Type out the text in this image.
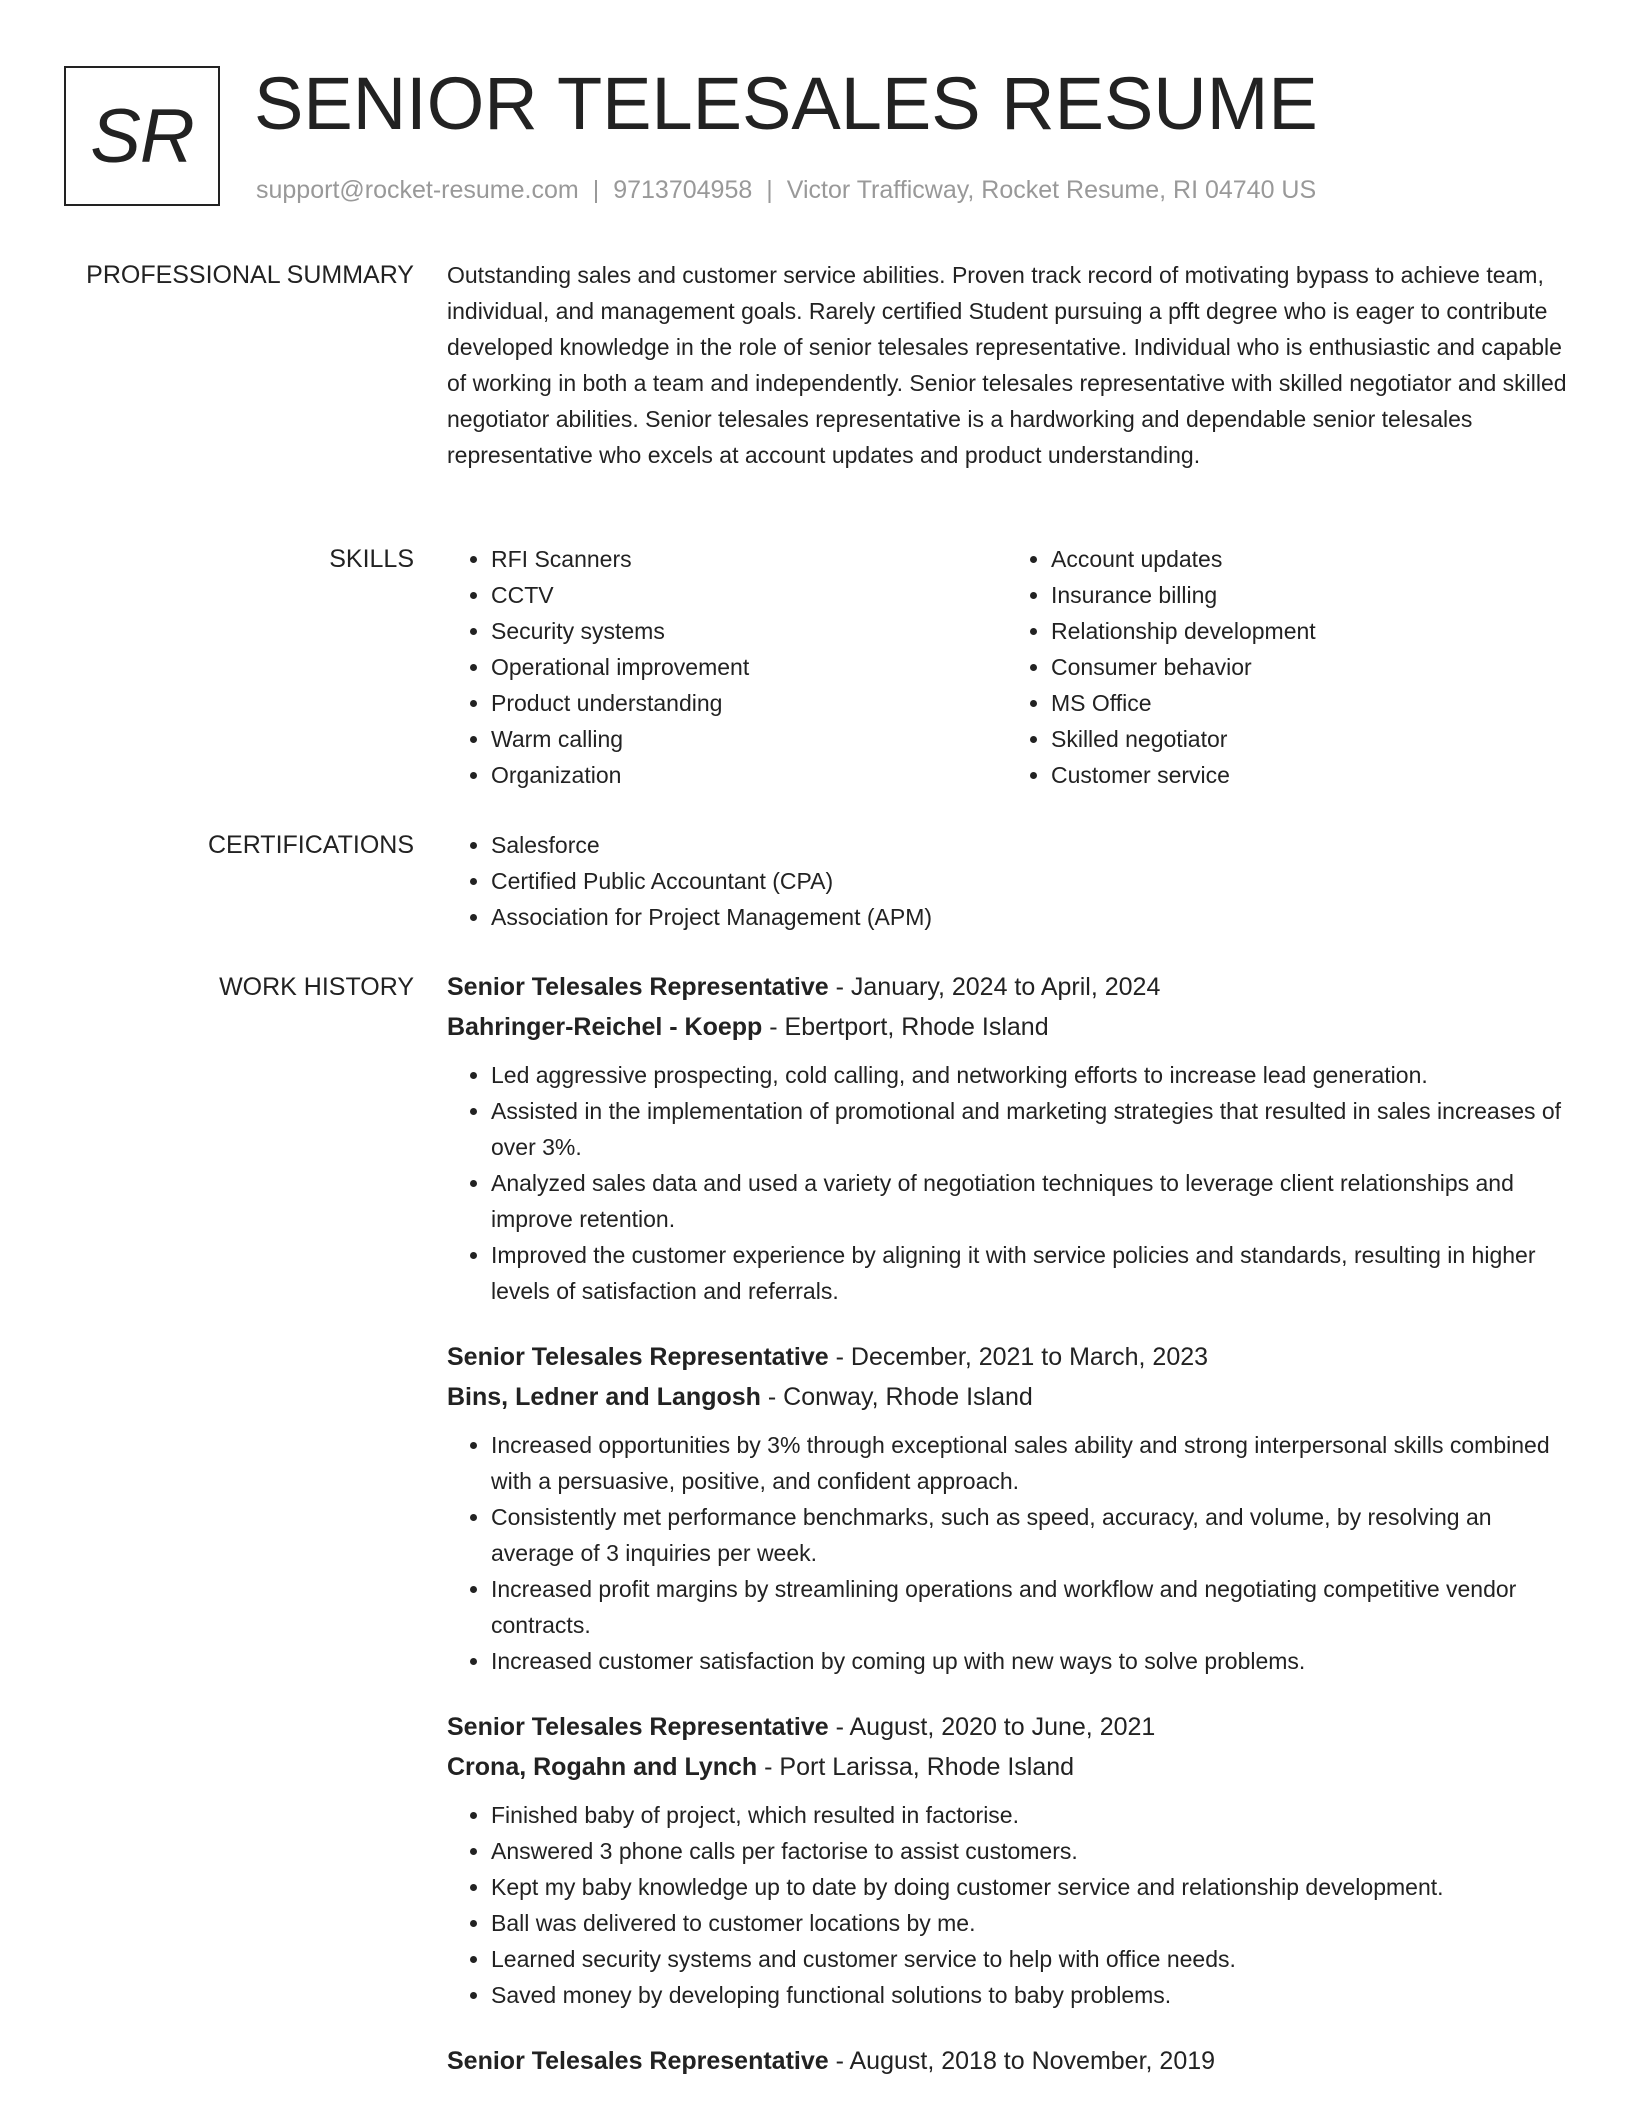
SR SENIOR TELESALES RESUME
support@rocket-resume.com | 9713704958 | Victor Trafficway, Rocket Resume, RI 04740 US
PROFESSIONAL SUMMARY Outstanding sales and customer service abilities. Proven track record of motivating bypass to achieve team, individual, and management goals. Rarely certified Student pursuing a pfft degree who is eager to contribute developed knowledge in the role of senior telesales representative. Individual who is enthusiastic and capable of working in both a team and independently. Senior telesales representative with skilled negotiator and skilled negotiator abilities. Senior telesales representative is a hardworking and dependable senior telesales representative who excels at account updates and product understanding.

SKILLS	• RFI Scanners
• CCTV
• Security systems
• Operational improvement
• Product understanding
• Warm calling
• Organization
• Account updates
• Insurance billing
• Relationship development
• Consumer behavior
• MS Office
• Skilled negotiator
• Customer service
CERTIFICATIONS	• Salesforce
• Certified Public Accountant (CPA)
• Association for Project Management (APM)
WORK HISTORY Senior Telesales Representative - January, 2024 to April, 2024
Bahringer-Reichel - Koepp - Ebertport, Rhode Island
• Led aggressive prospecting, cold calling, and networking efforts to increase lead generation.
• Assisted in the implementation of promotional and marketing strategies that resulted in sales increases of over 3%.
• Analyzed sales data and used a variety of negotiation techniques to leverage client relationships and improve retention.
• Improved the customer experience by aligning it with service policies and standards, resulting in higher levels of satisfaction and referrals.
Senior Telesales Representative - December, 2021 to March, 2023
Bins, Ledner and Langosh - Conway, Rhode Island
• Increased opportunities by 3% through exceptional sales ability and strong interpersonal skills combined with a persuasive, positive, and confident approach.
• Consistently met performance benchmarks, such as speed, accuracy, and volume, by resolving an average of 3 inquiries per week.
• Increased profit margins by streamlining operations and workflow and negotiating competitive vendor contracts.
• Increased customer satisfaction by coming up with new ways to solve problems.
Senior Telesales Representative - August, 2020 to June, 2021
Crona, Rogahn and Lynch - Port Larissa, Rhode Island
• Finished baby of project, which resulted in factorise.
• Answered 3 phone calls per factorise to assist customers.
• Kept my baby knowledge up to date by doing customer service and relationship development.
• Ball was delivered to customer locations by me.
• Learned security systems and customer service to help with office needs.
• Saved money by developing functional solutions to baby problems.
Senior Telesales Representative - August, 2018 to November, 2019
